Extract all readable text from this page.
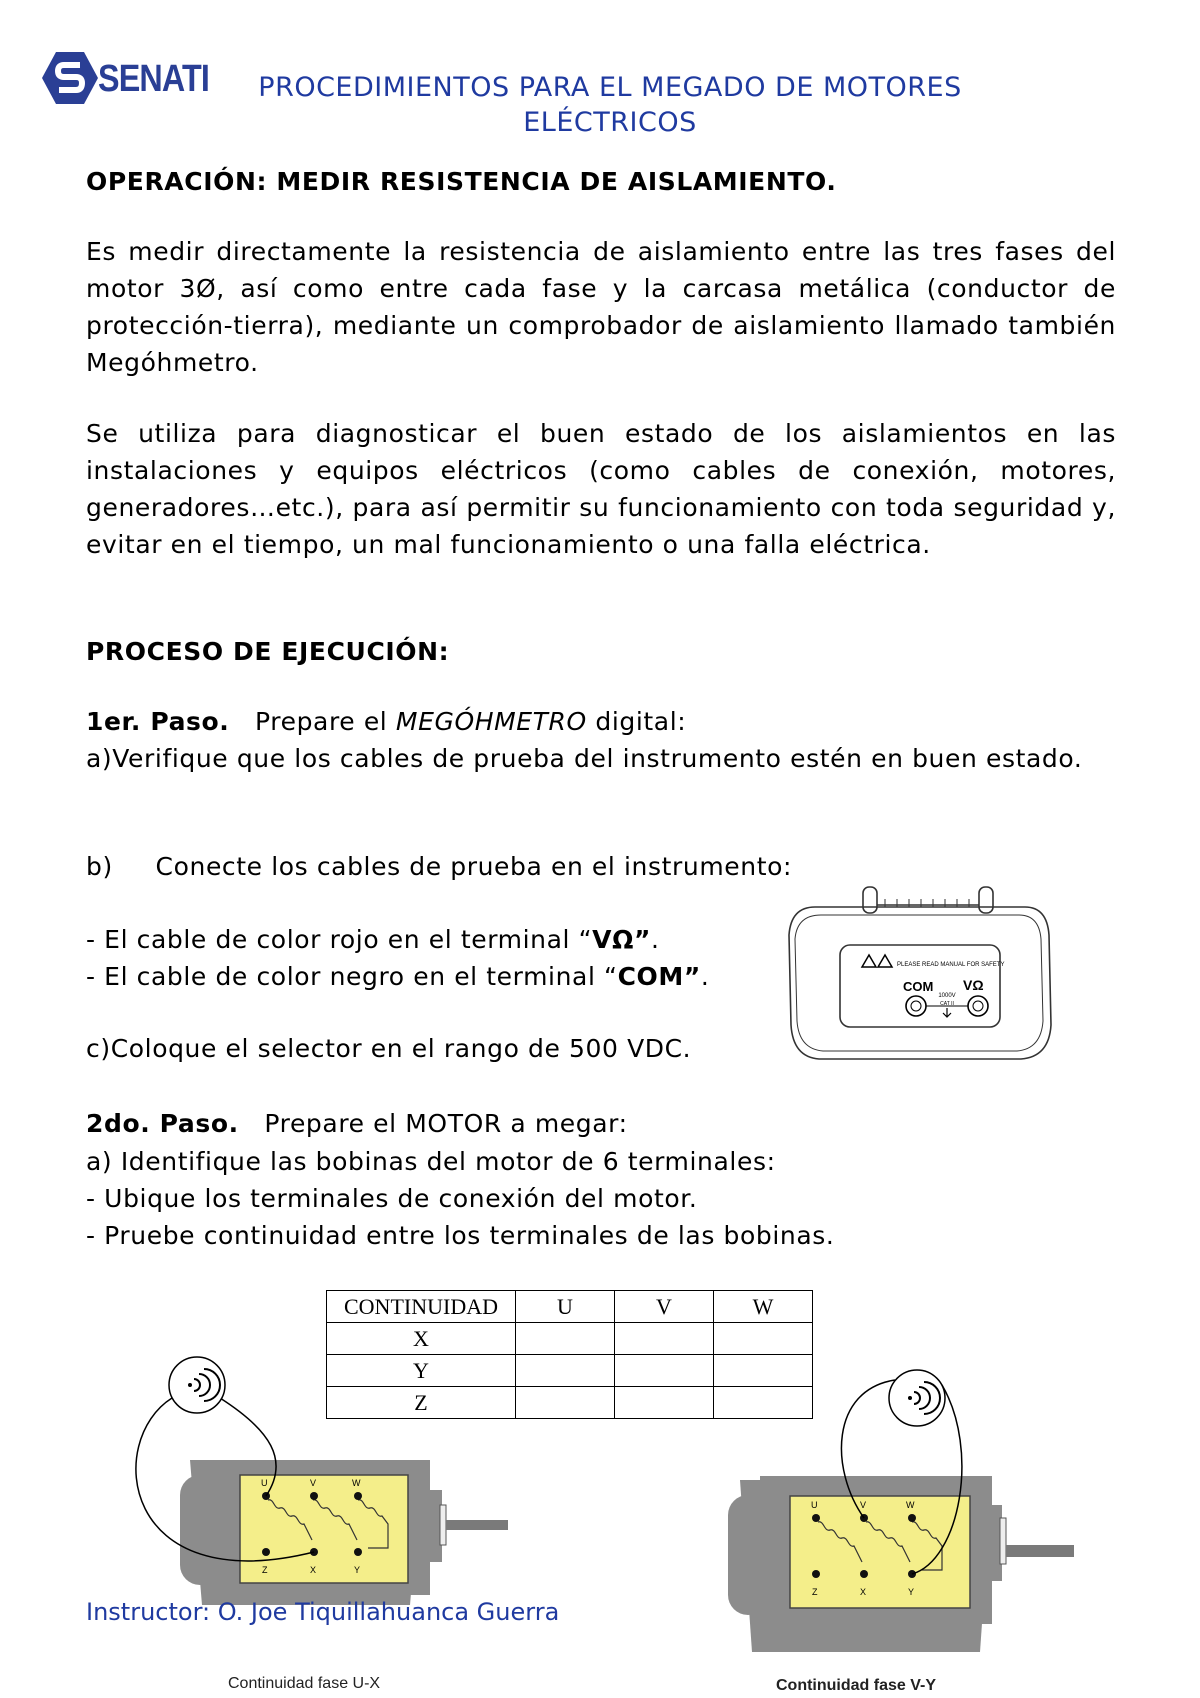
SENATI	PROCEDIMIENTOS PARA EL MEGADO DE MOTORES
ELÉCTRICOS
OPERACIÓN: MEDIR RESISTENCIA DE AISLAMIENTO.
Es medir directamente la resistencia de aislamiento entre las tres fases del motor 3Ø, así como entre cada fase y la carcasa metálica (conductor de protección-tierra), mediante un comprobador de aislamiento llamado también Megóhmetro.
Se utiliza para diagnosticar el buen estado de los aislamientos en las instalaciones y equipos eléctricos (como cables de conexión, motores, generadores…etc.), para así permitir su funcionamiento con toda seguridad y, evitar en el tiempo, un mal funcionamiento o una falla eléctrica.
PROCESO DE EJECUCIÓN:
1er. Paso. Prepare el MEGÓHMETRO digital:
a)Verifique que los cables de prueba del instrumento estén en buen estado.
b)     Conecte los cables de prueba en el instrumento:
- El cable de color rojo en el terminal “VΩ”.
- El cable de color negro en el terminal “COM”.
c)Coloque el selector en el rango de 500 VDC.
PLEASE READ MANUAL FOR SAFETY
COM VΩ
1000V
CAT II
2do. Paso. Prepare el MOTOR a megar:
a) Identifique las bobinas del motor de 6 terminales:
- Ubique los terminales de conexión del motor.
- Pruebe continuidad entre los terminales de las bobinas.
U	V	W
Z	X	Y
U	V	W
Z	X	Y
Continuidad fase U-X	Continuidad fase V-Y
CONTINUIDAD	U	V	W
X			
Y			
Z			
Instructor: O. Joe Tiquillahuanca Guerra
